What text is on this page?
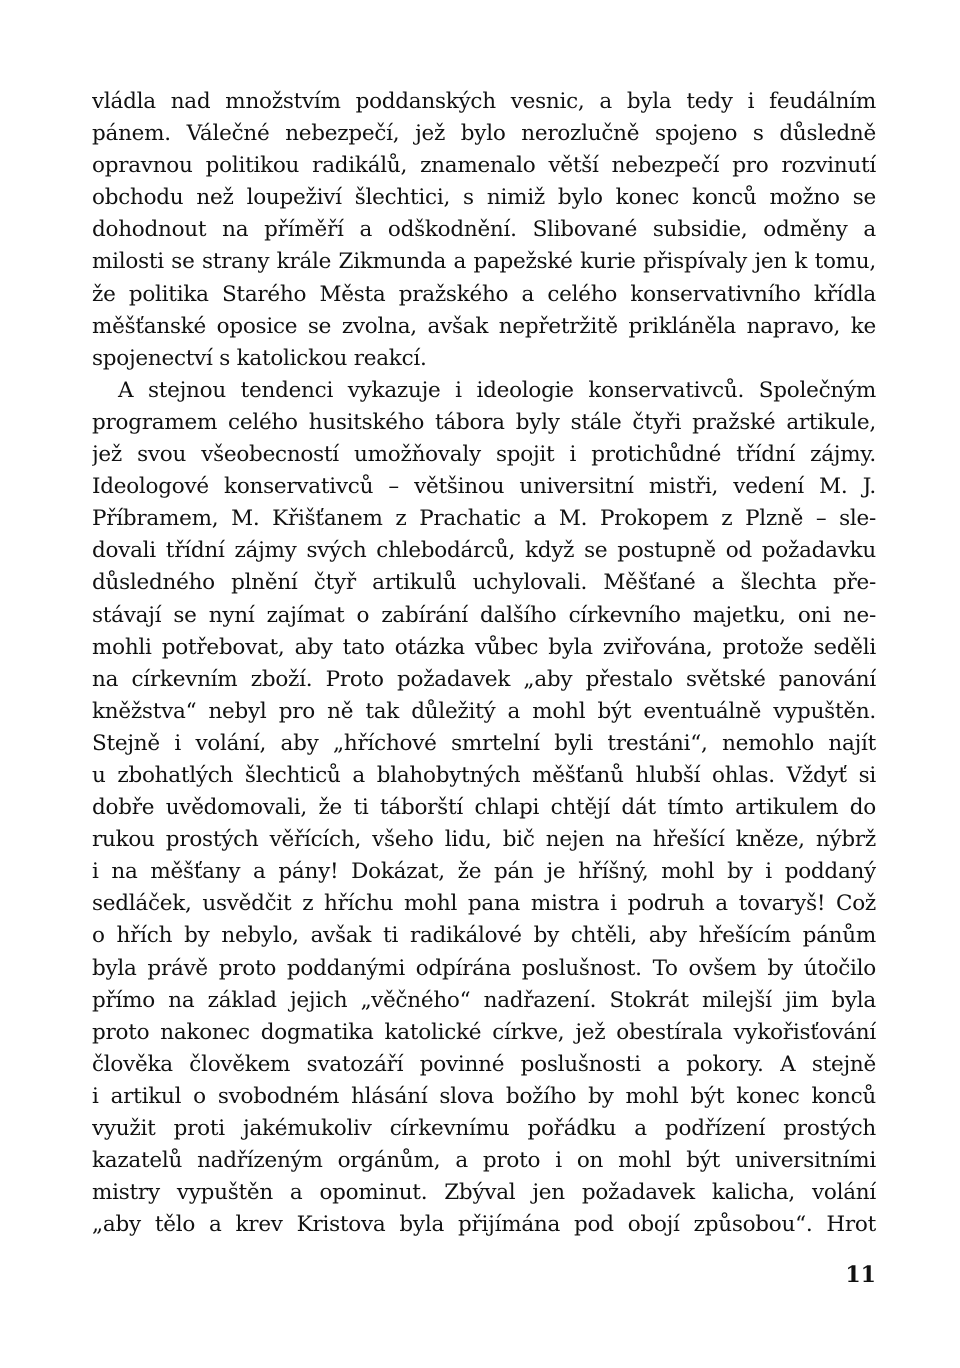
vládla nad množstvím poddanských vesnic, a byla tedy i feudálním
pánem. Válečné nebezpečí, jež bylo nerozlučně spojeno s důsledně
opravnou politikou radikálů, znamenalo větší nebezpečí pro rozvinutí
obchodu než loupeživí šlechtici, s nimiž bylo konec konců možno se
dohodnout na příměří a odškodnění. Slibované subsidie, odměny a
milosti se strany krále Zikmunda a papežské kurie přispívaly jen k tomu,
že politika Starého Města pražského a celého konservativního křídla
měšťanské oposice se zvolna, avšak nepřetržitě prikláněla napravo, ke
spojenectví s katolickou reakcí.
A stejnou tendenci vykazuje i ideologie konservativců. Společným
programem celého husitského tábora byly stále čtyři pražské artikule,
jež svou všeobecností umožňovaly spojit i protichůdné třídní zájmy.
Ideologové konservativců – většinou universitní mistři, vedení M. J.
Příbramem, M. Křišťanem z Prachatic a M. Prokopem z Plzně – sle-
dovali třídní zájmy svých chlebodárců, když se postupně od požadavku
důsledného plnění čtyř artikulů uchylovali. Měšťané a šlechta pře-
stávají se nyní zajímat o zabírání dalšího církevního majetku, oni ne-
mohli potřebovat, aby tato otázka vůbec byla zviřována, protože seděli
na církevním zboží. Proto požadavek „aby přestalo světské panování
kněžstva“ nebyl pro ně tak důležitý a mohl být eventuálně vypuštěn.
Stejně i volání, aby „hříchové smrtelní byli trestáni“, nemohlo najít
u zbohatlých šlechticů a blahobytných měšťanů hlubší ohlas. Vždyť si
dobře uvědomovali, že ti táborští chlapi chtějí dát tímto artikulem do
rukou prostých věřících, všeho lidu, bič nejen na hřešící kněze, nýbrž
i na měšťany a pány! Dokázat, že pán je hříšný, mohl by i poddaný
sedláček, usvědčit z hříchu mohl pana mistra i podruh a tovaryš! Což
o hřích by nebylo, avšak ti radikálové by chtěli, aby hřešícím pánům
byla právě proto poddanými odpírána poslušnost. To ovšem by útočilo
přímo na základ jejich „věčného“ nadřazení. Stokrát milejší jim byla
proto nakonec dogmatika katolické církve, jež obestírala vykořisťování
člověka člověkem svatozáří povinné poslušnosti a pokory. A stejně
i artikul o svobodném hlásání slova božího by mohl být konec konců
využit proti jakémukoliv církevnímu pořádku a podřízení prostých
kazatelů nadřízeným orgánům, a proto i on mohl být universitními
mistry vypuštěn a opominut. Zbýval jen požadavek kalicha, volání
„aby tělo a krev Kristova byla přijímána pod obojí způsobou“. Hrot
11
